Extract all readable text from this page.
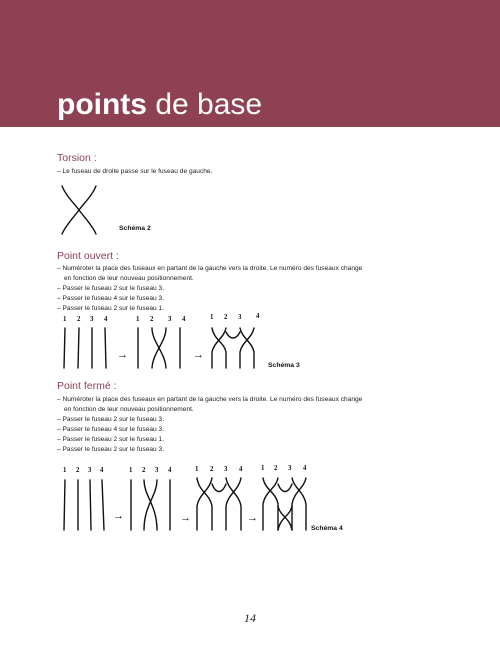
points de base
Torsion :
– Le fuseau de droite passe sur le fuseau de gauche.
Schéma 2
Point ouvert :
– Numéroter la place des fuseaux en partant de la gauche vers la droite. Le numéro des fuseaux change
en fonction de leur nouveau positionnement.
– Passer le fuseau 2 sur le fuseau 3.
– Passer le fuseau 4 sur le fuseau 3.
– Passer le fuseau 2 sur le fuseau 1.
1 2 3 4	1 2 3 4	1 2 3 4
→	→
Schéma 3
Point fermé :
– Numéroter la place des fuseaux en partant de la gauche vers la droite. Le numéro des fuseaux change
en fonction de leur nouveau positionnement.
– Passer le fuseau 2 sur le fuseau 3.
– Passer le fuseau 4 sur le fuseau 3.
– Passer le fuseau 2 sur le fuseau 1.
– Passer le fuseau 2 sur le fuseau 3.
1 2 3 4	1 2 3 4	1 2 3 4	1 2 3 4
→	→	→
Schéma 4
14
